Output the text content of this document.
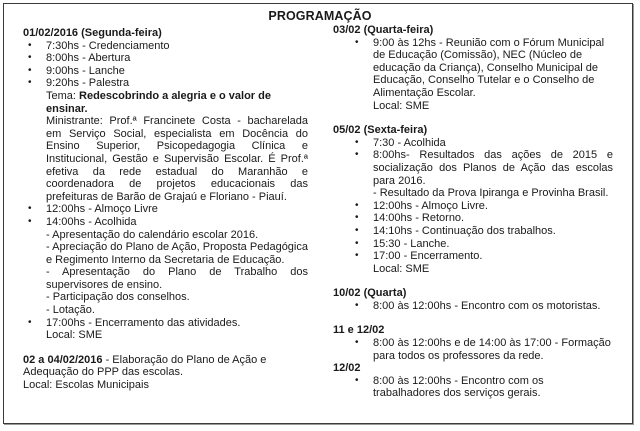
PROGRAMAÇÃO

01/02/2016 (Segunda-feira)

•
7:30hs - Credenciamento
•
8:00hs - Abertura
•
9:00hs - Lanche
•
9:20hs - Palestra
Tema: Redescobrindo a alegria e o valor de ensinar.
Ministrante: Prof.ª Francinete Costa - bacharelada em Serviço Social, especialista em Docência do Ensino Superior, Psicopedagogia Clínica e Institucional, Gestão e Supervisão Escolar. É Prof.ª efetiva da rede estadual do Maranhão e coordenadora de projetos educacionais das prefeituras de Barão de Grajaú e Floriano - Piauí.
•
12:00hs - Almoço Livre
•
14:00hs - Acolhida
- Apresentação do calendário escolar 2016.
- Apreciação do Plano de Ação, Proposta Pedagógica e Regimento Interno da Secretaria de Educação.
- Apresentação do Plano de Trabalho dos supervisores de ensino.
- Participação dos conselhos.
- Lotação.
•
17:00hs - Encerramento das atividades.
Local: SME

02 a 04/02/2016 - Elaboração do Plano de Ação e Adequação do PPP das escolas.

Local: Escolas Municipais

03/02 (Quarta-feira)

•
9:00 às 12hs - Reunião com o Fórum Municipal de Educação (Comissão), NEC (Núcleo de educação da Criança), Conselho Municipal de Educação, Conselho Tutelar e o Conselho de Alimentação Escolar.
Local: SME

05/02 (Sexta-feira)

•
7:30 - Acolhida
•
8:00hs- Resultados das ações de 2015 e socialização dos Planos de Ação das escolas para 2016.
- Resultado da Prova Ipiranga e Provinha Brasil.
•
12:00hs - Almoço Livre.
•
14:00hs - Retorno.
•
14:10hs - Continuação dos trabalhos.
•
15:30 - Lanche.
•
17:00 - Encerramento.
Local: SME

10/02 (Quarta)

•
8:00 às 12:00hs - Encontro com os motoristas.

11 e 12/02

•
8:00 às 12:00hs e de 14:00 às 17:00 - Formação para todos os professores da rede.

12/02

•
8:00 às 12:00hs - Encontro com os trabalhadores dos serviços gerais.
